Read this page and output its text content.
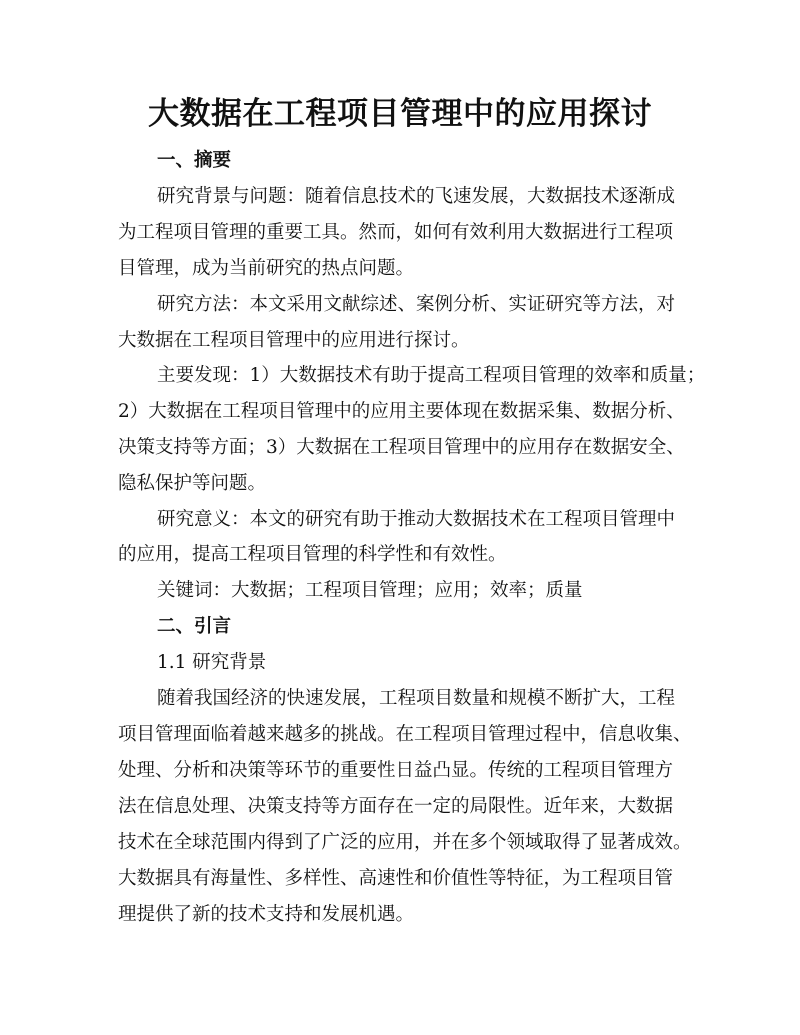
大数据在工程项目管理中的应用探讨
一、摘要
研究背景与问题：随着信息技术的飞速发展，大数据技术逐渐成
为工程项目管理的重要工具。然而，如何有效利用大数据进行工程项
目管理，成为当前研究的热点问题。
研究方法：本文采用文献综述、案例分析、实证研究等方法，对
大数据在工程项目管理中的应用进行探讨。
主要发现：1）大数据技术有助于提高工程项目管理的效率和质量；
2）大数据在工程项目管理中的应用主要体现在数据采集、数据分析、
决策支持等方面；3）大数据在工程项目管理中的应用存在数据安全、
隐私保护等问题。
研究意义：本文的研究有助于推动大数据技术在工程项目管理中
的应用，提高工程项目管理的科学性和有效性。
关键词：大数据；工程项目管理；应用；效率；质量
二、引言
1.1 研究背景
随着我国经济的快速发展，工程项目数量和规模不断扩大，工程
项目管理面临着越来越多的挑战。在工程项目管理过程中，信息收集、
处理、分析和决策等环节的重要性日益凸显。传统的工程项目管理方
法在信息处理、决策支持等方面存在一定的局限性。近年来，大数据
技术在全球范围内得到了广泛的应用，并在多个领域取得了显著成效。
大数据具有海量性、多样性、高速性和价值性等特征，为工程项目管
理提供了新的技术支持和发展机遇。
